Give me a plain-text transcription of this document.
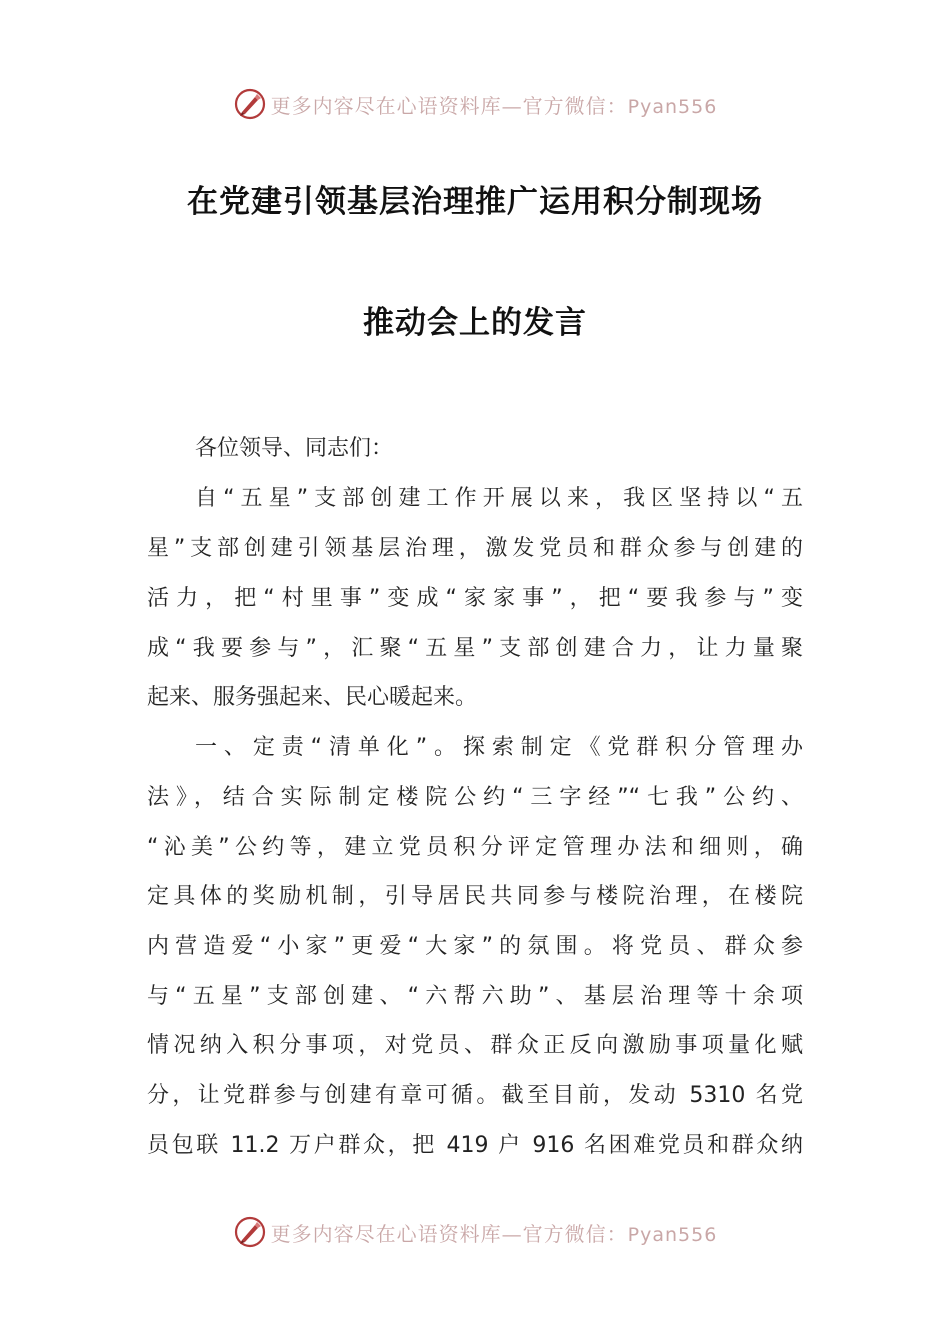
更多内容尽在心语资料库—官方微信：Pyan556
在党建引领基层治理推广运用积分制现场
推动会上的发言
各位领导、同志们：
自“五星”支部创建工作开展以来，我区坚持以“五
星”支部创建引领基层治理，激发党员和群众参与创建的
活力，把“村里事”变成“家家事”，把“要我参与”变
成“我要参与”，汇聚“五星”支部创建合力，让力量聚
起来、服务强起来、民心暖起来。
一、定责“清单化”。探索制定《党群积分管理办
法》，结合实际制定楼院公约“三字经”“七我”公约、
“沁美”公约等，建立党员积分评定管理办法和细则，确
定具体的奖励机制，引导居民共同参与楼院治理，在楼院
内营造爱“小家”更爱“大家”的氛围。将党员、群众参
与“五星”支部创建、“六帮六助”、基层治理等十余项
情况纳入积分事项，对党员、群众正反向激励事项量化赋
分，让党群参与创建有章可循。截至目前，发动 5310 名党
员包联 11.2 万户群众，把 419 户 916 名困难党员和群众纳
更多内容尽在心语资料库—官方微信：Pyan556
